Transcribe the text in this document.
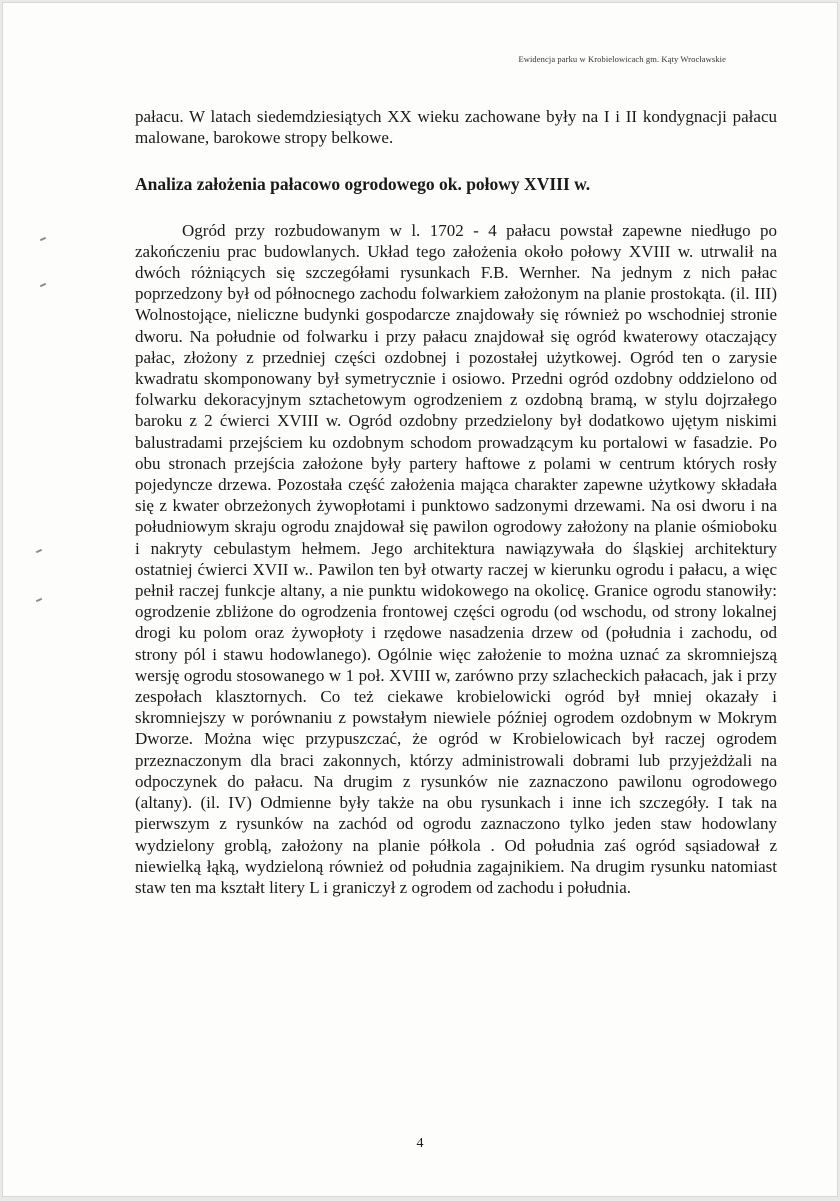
Ewidencja parku w Krobielowicach gm. Kąty Wrocławskie

pałacu. W latach siedemdziesiątych XX wieku zachowane były na I i II kondygnacji pałacu malowane, barokowe stropy belkowe.

Analiza założenia pałacowo ogrodowego ok. połowy XVIII w.

Ogród przy rozbudowanym w l. 1702 - 4 pałacu powstał zapewne niedługo po zakończeniu prac budowlanych. Układ tego założenia około połowy XVIII w. utrwalił na dwóch różniących się szczegółami rysunkach F.B. Wernher. Na jednym z nich pałac poprzedzony był od północnego zachodu folwarkiem założonym na planie prostokąta. (il. III) Wolnostojące, nieliczne budynki gospodarcze znajdowały się również po wschodniej stronie dworu. Na południe od folwarku i przy pałacu znajdował się ogród kwaterowy otaczający pałac, złożony z przedniej części ozdobnej i pozostałej użytkowej. Ogród ten o zarysie kwadratu skomponowany był symetrycznie i osiowo. Przedni ogród ozdobny oddzielono od folwarku dekoracyjnym sztachetowym ogrodzeniem z ozdobną bramą, w stylu dojrzałego baroku z 2 ćwierci XVIII w. Ogród ozdobny przedzielony był dodatkowo ujętym niskimi balustradami przejściem ku ozdobnym schodom prowadzącym ku portalowi w fasadzie. Po obu stronach przejścia założone były partery haftowe z polami w centrum których rosły pojedyncze drzewa. Pozostała część założenia mająca charakter zapewne użytkowy składała się z kwater obrzeżonych żywopłotami i punktowo sadzonymi drzewami. Na osi dworu i na południowym skraju ogrodu znajdował się pawilon ogrodowy założony na planie ośmioboku i nakryty cebulastym hełmem. Jego architektura nawiązywała do śląskiej architektury ostatniej ćwierci XVII w.. Pawilon ten był otwarty raczej w kierunku ogrodu i pałacu, a więc pełnił raczej funkcje altany, a nie punktu widokowego na okolicę. Granice ogrodu stanowiły: ogrodzenie zbliżone do ogrodzenia frontowej części ogrodu (od wschodu, od strony lokalnej drogi ku polom oraz żywopłoty i rzędowe nasadzenia drzew od (południa i zachodu, od strony pól i stawu hodowlanego). Ogólnie więc założenie to można uznać za skromniejszą wersję ogrodu stosowanego w 1 poł. XVIII w, zarówno przy szlacheckich pałacach, jak i przy zespołach klasztornych. Co też ciekawe krobielowicki ogród był mniej okazały i skromniejszy w porównaniu z powstałym niewiele później ogrodem ozdobnym w Mokrym Dworze. Można więc przypuszczać, że ogród w Krobielowicach był raczej ogrodem przeznaczonym dla braci zakonnych, którzy administrowali dobrami lub przyjeżdżali na odpoczynek do pałacu. Na drugim z rysunków nie zaznaczono pawilonu ogrodowego (altany). (il. IV) Odmienne były także na obu rysunkach i inne ich szczegóły. I tak na pierwszym z rysunków na zachód od ogrodu zaznaczono tylko jeden staw hodowlany wydzielony groblą, założony na planie półkola . Od południa zaś ogród sąsiadował z niewielką łąką, wydzieloną również od południa zagajnikiem. Na drugim rysunku natomiast staw ten ma kształt litery L i graniczył z ogrodem od zachodu i południa.

4
